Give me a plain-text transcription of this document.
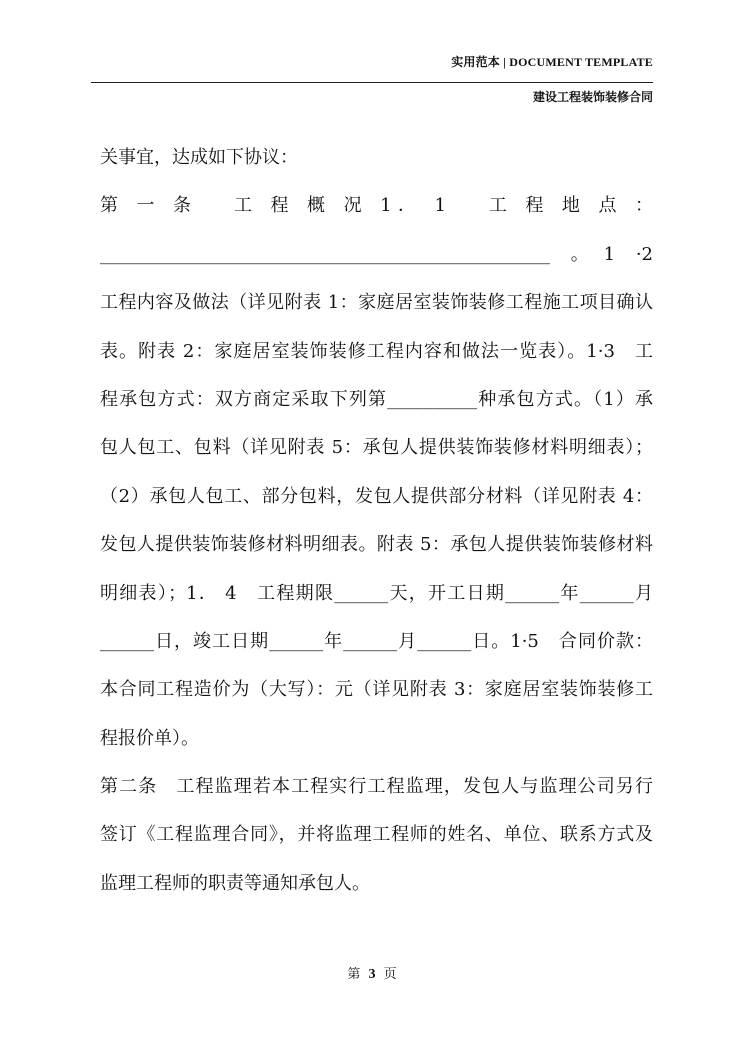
实用范本 | DOCUMENT TEMPLATE
建设工程装饰装修合同
关事宜，达成如下协议：
第 一 条　 工 程 概 况 1． 1　 工 程 地 点 ：
__________________________________________________ 。1 ·2
工程内容及做法（详见附表 1：家庭居室装饰装修工程施工项目确认
表。附表 2：家庭居室装饰装修工程内容和做法一览表）。1·3　工
程承包方式：双方商定采取下列第__________种承包方式。（1）承
包人包工、包料（详见附表 5：承包人提供装饰装修材料明细表）；
（2）承包人包工、部分包料，发包人提供部分材料（详见附表 4：
发包人提供装饰装修材料明细表。附表 5：承包人提供装饰装修材料
明细表）；1． 4　工程期限______天，开工日期______年______月
______日，竣工日期______年______月______日。1·5　合同价款：
本合同工程造价为（大写）：元（详见附表 3：家庭居室装饰装修工
程报价单）。
第二条　工程监理若本工程实行工程监理，发包人与监理公司另行
签订《工程监理合同》，并将监理工程师的姓名、单位、联系方式及
监理工程师的职责等通知承包人。
第 3 页
